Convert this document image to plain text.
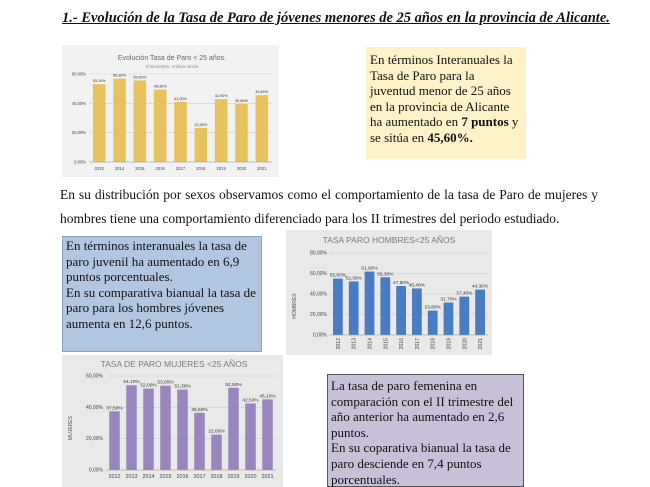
1.- Evolución de la Tasa de Paro de jóvenes menores de 25 años en la provincia de Alicante.
Evolución Tasa de Paro < 25 años.
II trimestres. Ambos sexos
0,00%
20,00%
40,00%
60,00%
53,10%
2013
56,80%
2014
55,60%
2015
49,30%
2016
41,00%
2017
23,30%
2018
42,90%
2019
39,60%
2020
45,60%
2021
En términos Interanuales la Tasa de Paro para la juventud menor de 25 años en la provincia de Alicante ha aumentado en 7 puntos y se sitúa en 45,60%.
En su distribución por sexos observamos como el comportamiento de la tasa de Paro de mujeres y hombres tiene una comportamiento diferenciado para los II trimestres del periodo estudiado.
En términos interanuales la tasa de paro juvenil ha aumentado en 6,9 puntos porcentuales.
En su comparativa bianual la tasa de paro para los hombres jóvenes aumenta en 12,6 puntos.
TASA PARO HOMBRES<25 AÑOS
HOMBRES
0,00%
20,00%
40,00%
60,00%
80,00%
55,00%
2012
52,30%
2013
61,90%
2014
56,30%
2015
47,80%
2016
45,40%
2017
23,80%
2018
31,70%
2019
37,40%
2020
44,30%
2021
TASA DE PARO MUJERES <25 AÑOS
MUJERES
0,00%
20,00%
40,00%
60,00%
37,50%
2012
54,10%
2013
52,00%
2014
53,80%
2015
51,30%
2016
36,50%
2017
22,60%
2018
52,50%
2019
42,50%
2020
45,10%
2021
La tasa de paro femenina en comparación con el II trimestre del año anterior ha aumentado en 2,6 puntos.
En su coparativa bianual la tasa de paro desciende en 7,4 puntos porcentuales.
